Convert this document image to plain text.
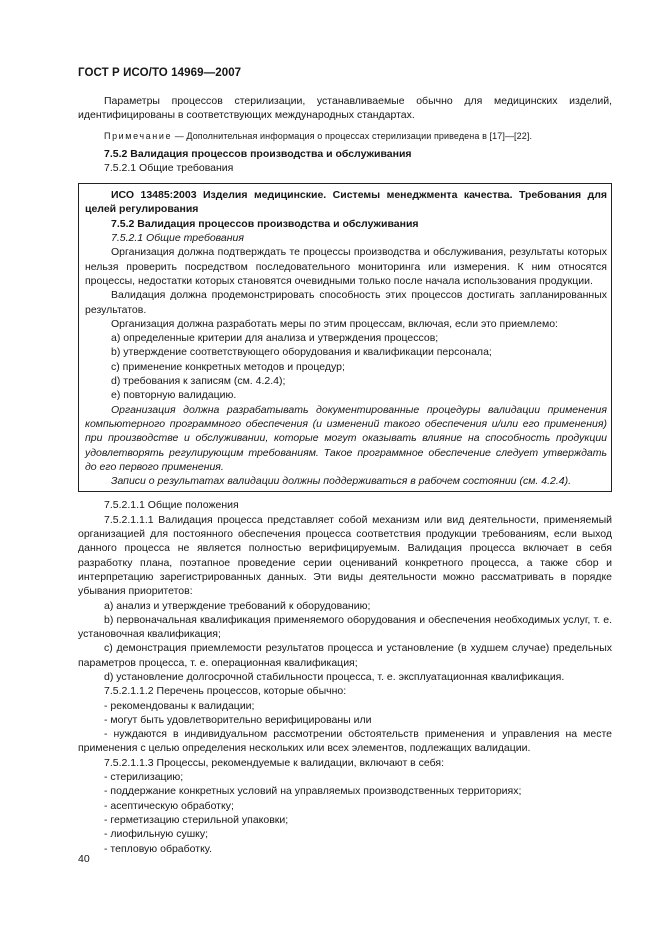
ГОСТ Р ИСО/ТО 14969—2007

Параметры процессов стерилизации, устанавливаемые обычно для медицинских изделий, идентифицированы в соответствующих международных стандартах.

Примечание — Дополнительная информация о процессах стерилизации приведена в [17]—[22].

7.5.2 Валидация процессов производства и обслуживания

7.5.2.1 Общие требования

ИСО 13485:2003 Изделия медицинские. Системы менеджмента качества. Требования для целей регулирования

7.5.2 Валидация процессов производства и обслуживания

7.5.2.1 Общие требования

Организация должна подтверждать те процессы производства и обслуживания, результаты которых нельзя проверить посредством последовательного мониторинга или измерения. К ним относятся процессы, недостатки которых становятся очевидными только после начала использования продукции.

Валидация должна продемонстрировать способность этих процессов достигать запланированных результатов.

Организация должна разработать меры по этим процессам, включая, если это приемлемо:

а) определенные критерии для анализа и утверждения процессов;

b) утверждение соответствующего оборудования и квалификации персонала;

с) применение конкретных методов и процедур;

d) требования к записям (см. 4.2.4);

е) повторную валидацию.

Организация должна разрабатывать документированные процедуры валидации применения компьютерного программного обеспечения (и изменений такого обеспечения и/или его применения) при производстве и обслуживании, которые могут оказывать влияние на способность продукции удовлетворять регулирующим требованиям. Такое программное обеспечение следует утверждать до его первого применения.

Записи о результатах валидации должны поддерживаться в рабочем состоянии (см. 4.2.4).

7.5.2.1.1 Общие положения

7.5.2.1.1.1 Валидация процесса представляет собой механизм или вид деятельности, применяемый организацией для постоянного обеспечения процесса соответствия продукции требованиям, если выход данного процесса не является полностью верифицируемым. Валидация процесса включает в себя разработку плана, поэтапное проведение серии оцениваний конкретного процесса, а также сбор и интерпретацию зарегистрированных данных. Эти виды деятельности можно рассматривать в порядке убывания приоритетов:

а) анализ и утверждение требований к оборудованию;

b) первоначальная квалификация применяемого оборудования и обеспечения необходимых услуг, т. е. установочная квалификация;

с) демонстрация приемлемости результатов процесса и установление (в худшем случае) предельных параметров процесса, т. е. операционная квалификация;

d) установление долгосрочной стабильности процесса, т. е. эксплуатационная квалификация.

7.5.2.1.1.2 Перечень процессов, которые обычно:

- рекомендованы к валидации;

- могут быть удовлетворительно верифицированы или

- нуждаются в индивидуальном рассмотрении обстоятельств применения и управления на месте применения с целью определения нескольких или всех элементов, подлежащих валидации.

7.5.2.1.1.3 Процессы, рекомендуемые к валидации, включают в себя:

- стерилизацию;

- поддержание конкретных условий на управляемых производственных территориях;

- асептическую обработку;

- герметизацию стерильной упаковки;

- лиофильную сушку;

- тепловую обработку.

40
